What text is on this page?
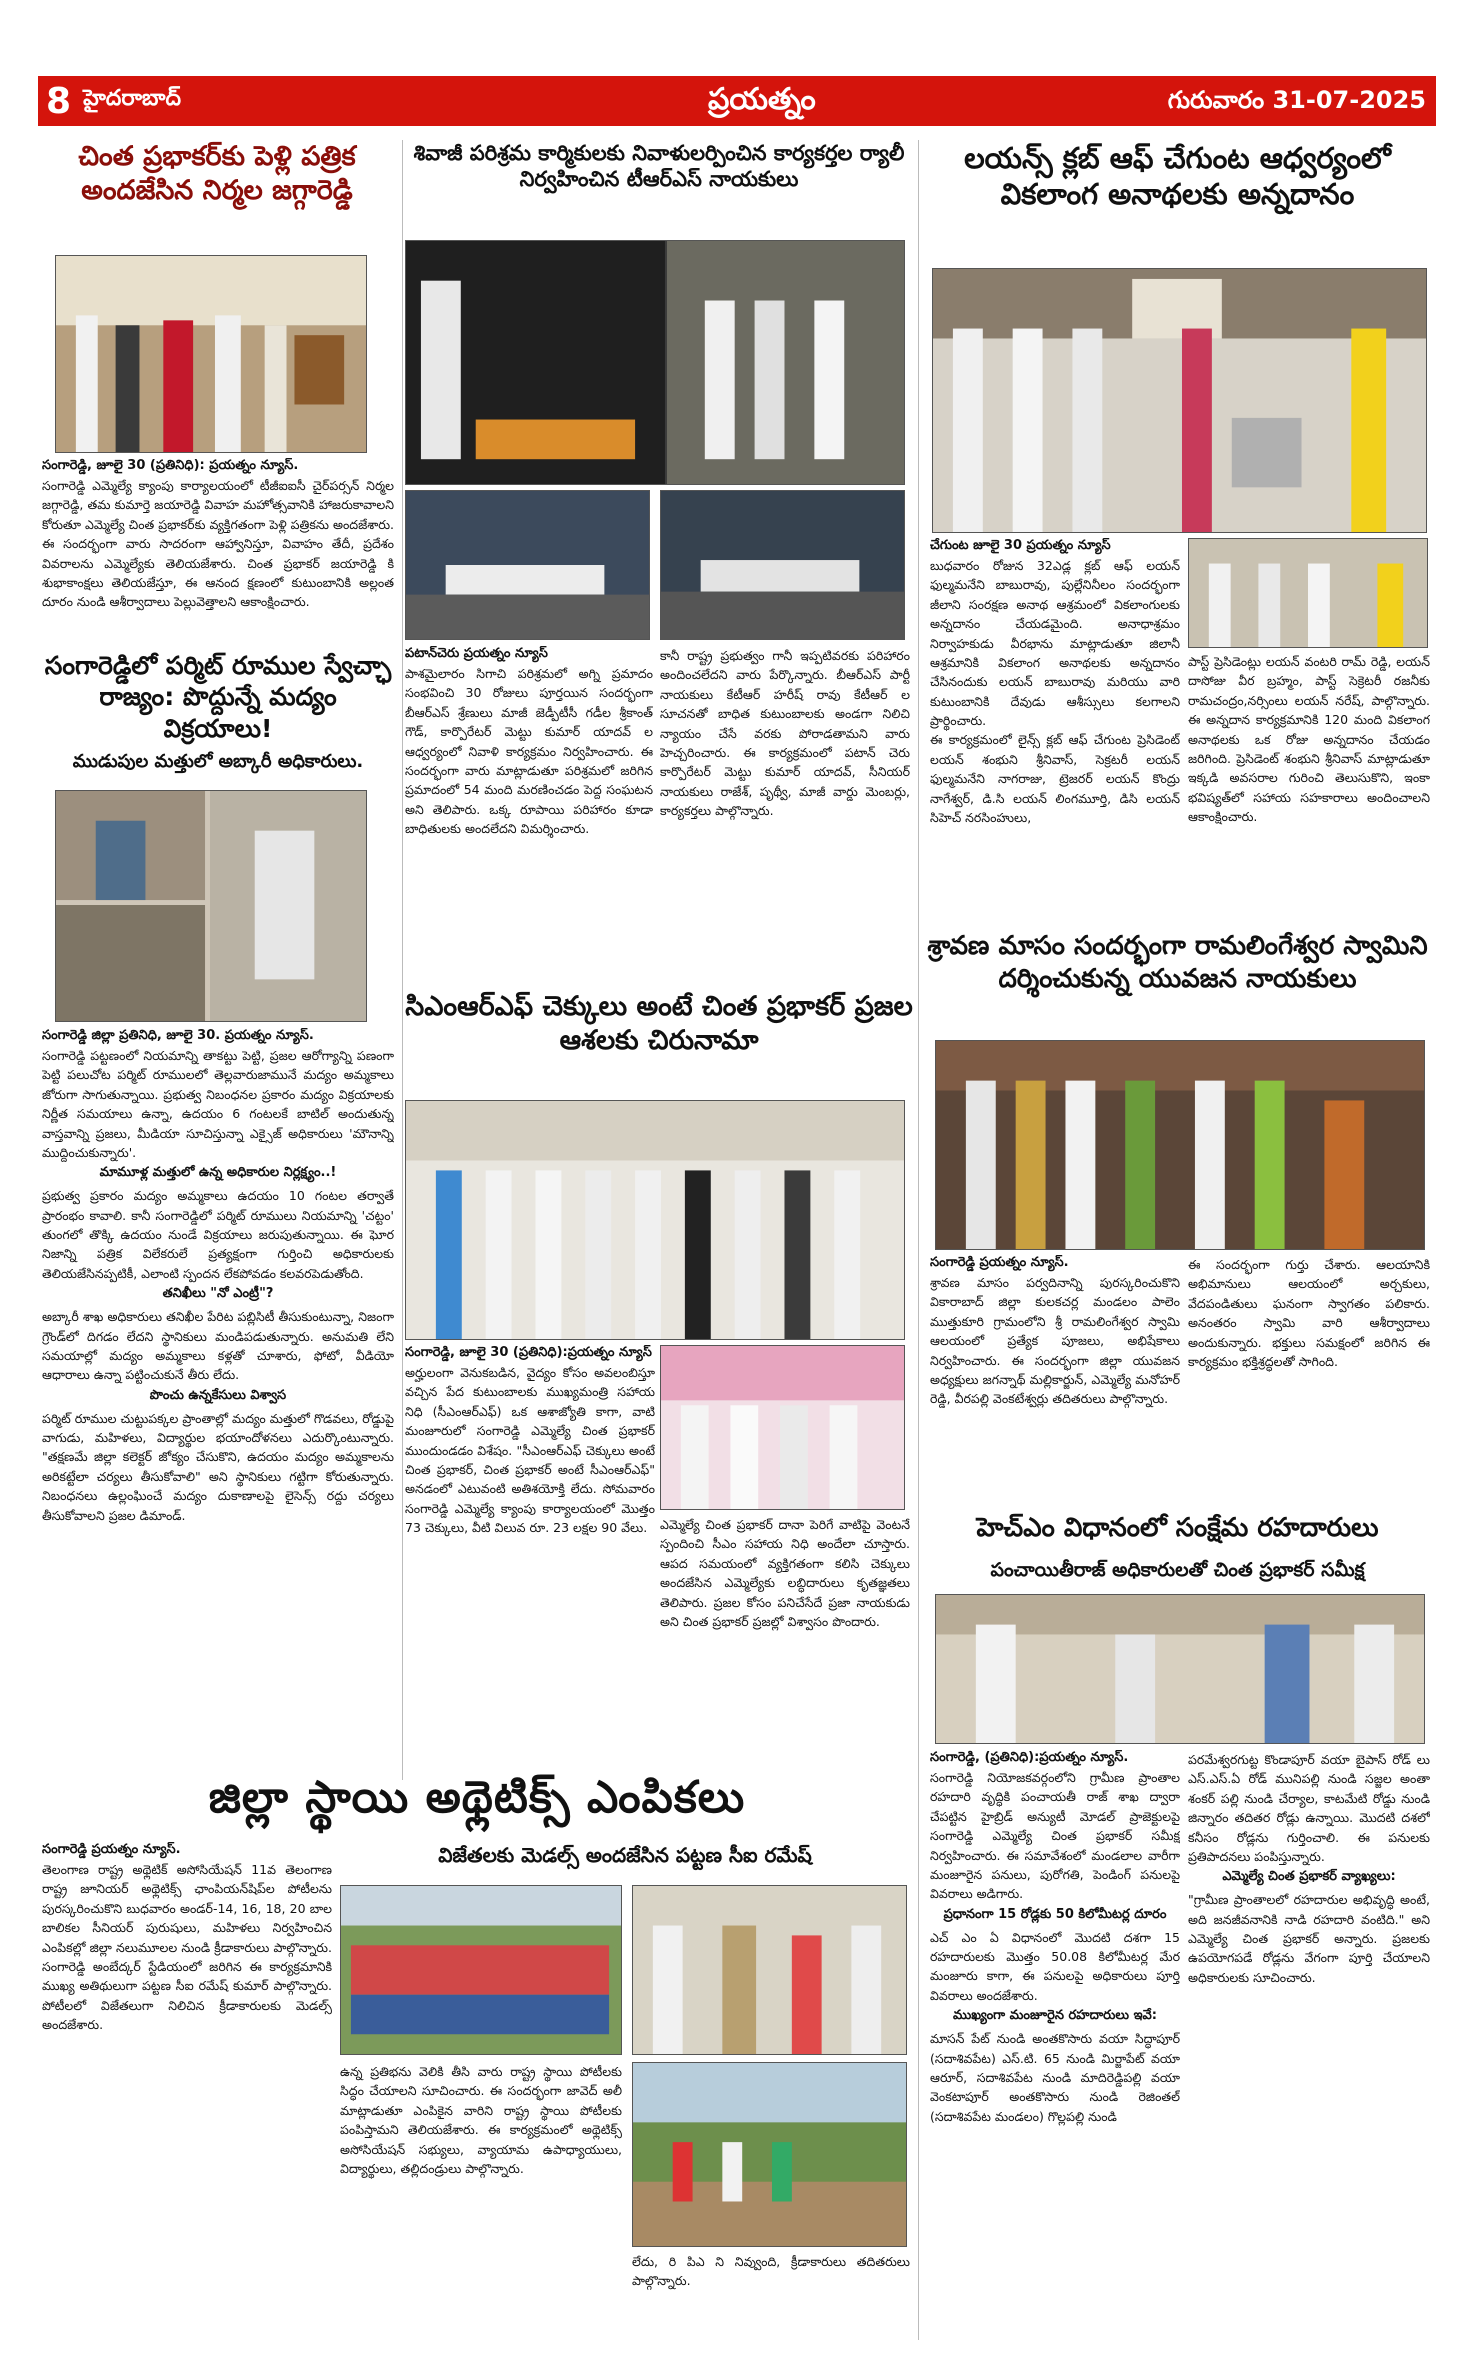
8 హైదరాబాద్	ప్రయత్నం	గురువారం 31-07-2025
చింత ప్రభాకర్‌కు పెళ్లి పత్రిక అందజేసిన నిర్మల జగ్గారెడ్డి
సంగారెడ్డి, జూలై 30 (ప్రతినిధి): ప్రయత్నం న్యూస్.
సంగారెడ్డి ఎమ్మెల్యే క్యాంపు కార్యాలయంలో టీజీఐఐసీ చైర్‌పర్సన్ నిర్మల జగ్గారెడ్డి, తమ కుమార్తె జయారెడ్డి వివాహ మహోత్సవానికి హాజరుకావాలని కోరుతూ ఎమ్మెల్యే చింత ప్రభాకర్‌కు వ్యక్తిగతంగా పెళ్లి పత్రికను అందజేశారు. ఈ సందర్భంగా వారు సాదరంగా ఆహ్వానిస్తూ, వివాహం తేదీ, ప్రదేశం వివరాలను ఎమ్మెల్యేకు తెలియజేశారు. చింత ప్రభాకర్ జయారెడ్డి కి శుభాకాంక్షలు తెలియజేస్తూ, ఈ ఆనంద క్షణంలో కుటుంబానికి అల్లంత దూరం నుండి ఆశీర్వాదాలు పెల్లువెత్తాలని ఆకాంక్షించారు.
సంగారెడ్డిలో పర్మిట్ రూముల స్వేచ్ఛా రాజ్యం: పొద్దున్నే మద్యం విక్రయాలు!
ముడుపుల మత్తులో అబ్కారీ అధికారులు.
సంగారెడ్డి జిల్లా ప్రతినిధి, జూలై 30. ప్రయత్నం న్యూస్.
సంగారెడ్డి పట్టణంలో నియమాన్ని తాకట్టు పెట్టి, ప్రజల ఆరోగ్యాన్ని పణంగా పెట్టి పలుచోట పర్మిట్ రూములలో తెల్లవారుజామునే మద్యం అమ్మకాలు జోరుగా సాగుతున్నాయి. ప్రభుత్వ నిబంధనల ప్రకారం మద్యం విక్రయాలకు నిర్ణీత సమయాలు ఉన్నా, ఉదయం 6 గంటలకే బాటిల్ అందుతున్న వాస్తవాన్ని ప్రజలు, మీడియా సూచిస్తున్నా ఎక్సైజ్ అధికారులు 'మౌనాన్ని ముద్దించుకున్నారు'.
మామూళ్ల మత్తులో ఉన్న అధికారుల నిర్లక్ష్యం..!
ప్రభుత్వ ప్రకారం మద్యం అమ్మకాలు ఉదయం 10 గంటల తర్వాతే ప్రారంభం కావాలి. కానీ సంగారెడ్డిలో పర్మిట్ రూములు నియమాన్ని 'చట్టం' తుంగలో తొక్కి ఉదయం నుండే విక్రయాలు జరుపుతున్నాయి. ఈ ఘోర నిజాన్ని పత్రిక విలేకరులే ప్రత్యక్షంగా గుర్తించి అధికారులకు తెలియజేసినప్పటికీ, ఎలాంటి స్పందన లేకపోవడం కలవరపెడుతోంది.
తనిఖీలు "నో ఎంట్రీ"?
అబ్కారీ శాఖ అధికారులు తనిఖీల పేరిట పబ్లిసిటీ తీసుకుంటున్నా, నిజంగా గ్రౌండ్‌లో దిగడం లేదని స్థానికులు మండిపడుతున్నారు. అనుమతి లేని సమయాల్లో మద్యం అమ్మకాలు కళ్లతో చూశారు, ఫోటో, వీడియో ఆధారాలు ఉన్నా పట్టించుకునే తీరు లేదు.
పొంచు ఉన్నకేసులు విశ్వాస
పర్మిట్ రూముల చుట్టుపక్కల ప్రాంతాల్లో మద్యం మత్తులో గొడవలు, రోడ్డుపై వాగుడు, మహిళలు, విద్యార్థుల భయాందోళనలు ఎదుర్కొంటున్నారు. "తక్షణమే జిల్లా కలెక్టర్ జోక్యం చేసుకొని, ఉదయం మద్యం అమ్మకాలను అరికట్టేలా చర్యలు తీసుకోవాలి" అని స్థానికులు గట్టిగా కోరుతున్నారు. నిబంధనలు ఉల్లంఘించే మద్యం దుకాణాలపై లైసెన్స్ రద్దు చర్యలు తీసుకోవాలని ప్రజల డిమాండ్.
శివాజీ పరిశ్రమ కార్మికులకు నివాళులర్పించిన కార్యకర్తల ర్యాలీ నిర్వహించిన టీఆర్ఎస్ నాయకులు
పటాన్‌చెరు ప్రయత్నం న్యూస్
పాశమైలారం సిగాచి పరిశ్రమలో అగ్ని ప్రమాదం సంభవించి 30 రోజులు పూర్తయిన సందర్భంగా బీఆర్ఎస్ శ్రేణులు మాజీ జెడ్పీటీసీ గడీల శ్రీకాంత్ గౌడ్, కార్పొరేటర్ మెట్టు కుమార్ యాదవ్ ల ఆధ్వర్యంలో నివాళి కార్యక్రమం నిర్వహించారు. ఈ సందర్భంగా వారు మాట్లాడుతూ పరిశ్రమలో జరిగిన ప్రమాదంలో 54 మంది మరణించడం పెద్ద సంఘటన అని తెలిపారు. ఒక్క రూపాయి పరిహారం కూడా బాధితులకు అందలేదని విమర్శించారు.
కానీ రాష్ట్ర ప్రభుత్వం గానీ ఇప్పటివరకు పరిహారం అందించలేదని వారు పేర్కొన్నారు. బీఆర్ఎస్ పార్టీ నాయకులు కేటీఆర్ హరీష్ రావు కేటీఆర్ ల సూచనతో బాధిత కుటుంబాలకు అండగా నిలిచి న్యాయం చేసే వరకు పోరాడతామని వారు హెచ్చరించారు. ఈ కార్యక్రమంలో పటాన్ చెరు కార్పొరేటర్ మెట్టు కుమార్ యాదవ్, సీనియర్ నాయకులు రాజేశ్, పృథ్వీ, మాజీ వార్డు మెంబర్లు, కార్యకర్తలు పాల్గొన్నారు.
సిఎంఆర్ఎఫ్ చెక్కులు అంటే చింత ప్రభాకర్ ప్రజల ఆశలకు చిరునామా
సంగారెడ్డి, జూలై 30 (ప్రతినిధి):ప్రయత్నం న్యూస్
అర్హులంగా వెనుకబడిన, వైద్యం కోసం అవలంబిస్తూ వచ్చిన పేద కుటుంబాలకు ముఖ్యమంత్రి సహాయ నిధి (సీఎంఆర్ఎఫ్) ఒక ఆశాజ్యోతి కాగా, వాటి మంజూరులో సంగారెడ్డి ఎమ్మెల్యే చింత ప్రభాకర్ ముందుండడం విశేషం. "సీఎంఆర్ఎఫ్ చెక్కులు అంటే చింత ప్రభాకర్, చింత ప్రభాకర్ అంటే సీఎంఆర్ఎఫ్" అనడంలో ఎటువంటి అతిశయోక్తి లేదు. సోమవారం సంగారెడ్డి ఎమ్మెల్యే క్యాంపు కార్యాలయంలో మొత్తం 73 చెక్కులు, వీటి విలువ రూ. 23 లక్షల 90 వేలు.	ఎమ్మెల్యే చింత ప్రభాకర్ దానా పెరిగే వాటిపై వెంటనే స్పందించి సీఎం సహాయ నిధి అందేలా చూస్తారు. ఆపద సమయంలో వ్యక్తిగతంగా కలిసి చెక్కులు అందజేసిన ఎమ్మెల్యేకు లబ్ధిదారులు కృతజ్ఞతలు తెలిపారు. ప్రజల కోసం పనిచేసేదే ప్రజా నాయకుడు అని చింత ప్రభాకర్ ప్రజల్లో విశ్వాసం పొందారు.
లయన్స్ క్లబ్ ఆఫ్ చేగుంట ఆధ్వర్యంలో వికలాంగ అనాథలకు అన్నదానం
చేగుంట జూలై 30 ప్రయత్నం న్యూస్
బుధవారం రోజున 32ఎడ్ల క్లబ్ ఆఫ్ లయన్ ఫుల్మమనేని బాబురావు, పుల్లేనినీలం సందర్భంగా జీలాని సంరక్షణ అనాథ ఆశ్రమంలో వికలాంగులకు అన్నదానం చేయడమైంది. అనాధాశ్రమం నిర్వాహకుడు వీరభాను మాట్లాడుతూ జిలానీ ఆశ్రమానికి వికలాంగ అనాథలకు అన్నదానం చేసినందుకు లయన్ బాబురావు మరియు వారి కుటుంబానికి దేవుడు ఆశీస్సులు కలగాలని ప్రార్థించారు.
ఈ కార్యక్రమంలో లైన్స్ క్లబ్ ఆఫ్ చేగుంట ప్రెసిడెంట్ లయన్ శంభుని శ్రీనివాస్, సెక్రటరీ లయన్ ఫుల్మమనేని నాగరాజు, ట్రెజరర్ లయన్ కొంద్రు నాగేశ్వర్, డి.సి లయన్ లింగమూర్తి, డిసి లయన్ సిహెచ్ నరసింహులు,
పాస్ట్ ప్రెసిడెంట్లు లయన్ వంటరి రామ్ రెడ్డి, లయన్ దాసోజు వీర బ్రహ్మం, పాస్ట్ సెక్రెటరీ రజనీకు రామచంద్రం,నర్సింలు లయన్ నరేష్, పాల్గొన్నారు. ఈ అన్నదాన కార్యక్రమానికి 120 మంది వికలాంగ అనాథలకు ఒక రోజు అన్నదానం చేయడం జరిగింది. ప్రెసిడెంట్ శంభుని శ్రీనివాస్ మాట్లాడుతూ ఇక్కడి అవసరాల గురించి తెలుసుకొని, ఇంకా భవిష్యత్‌లో సహాయ సహకారాలు అందించాలని ఆకాంక్షించారు.
శ్రావణ మాసం సందర్భంగా రామలింగేశ్వర స్వామిని దర్శించుకున్న యువజన నాయకులు
సంగారెడ్డి ప్రయత్నం న్యూస్.
శ్రావణ మాసం పర్వదినాన్ని పురస్కరించుకొని వికారాబాద్ జిల్లా కులకచర్ల మండలం పాలెం ముత్తుకూరి గ్రామంలోని శ్రీ రామలింగేశ్వర స్వామి ఆలయంలో ప్రత్యేక పూజలు, అభిషేకాలు నిర్వహించారు. ఈ సందర్భంగా జిల్లా యువజన అధ్యక్షులు జగన్నాథ్ మల్లికార్జున్, ఎమ్మెల్యే మనోహర్ రెడ్డి, వీరపల్లి వెంకటేశ్వర్లు తదితరులు పాల్గొన్నారు.
ఈ సందర్భంగా గుర్తు చేశారు. ఆలయానికి అభిమానులు ఆలయంలో అర్చకులు, వేదపండితులు ఘనంగా స్వాగతం పలికారు. అనంతరం స్వామి వారి ఆశీర్వాదాలు అందుకున్నారు. భక్తులు సమక్షంలో జరిగిన ఈ కార్యక్రమం భక్తిశ్రద్ధలతో సాగింది.
హెచ్ఎం విధానంలో సంక్షేమ రహదారులు
పంచాయితీరాజ్ అధికారులతో చింత ప్రభాకర్ సమీక్ష
సంగారెడ్డి, (ప్రతినిధి):ప్రయత్నం న్యూస్.
సంగారెడ్డి నియోజకవర్గంలోని గ్రామీణ ప్రాంతాల రహదారి వృద్ధికి పంచాయతీ రాజ్ శాఖ ద్వారా చేపట్టిన హైబ్రిడ్ అన్యుటీ మోడల్ ప్రాజెక్టులపై సంగారెడ్డి ఎమ్మెల్యే చింత ప్రభాకర్ సమీక్ష నిర్వహించారు. ఈ సమావేశంలో మండలాల వారీగా మంజూరైన పనులు, పురోగతి, పెండింగ్ పనులపై వివరాలు అడిగారు.
ప్రధానంగా 15 రోడ్లకు 50 కిలోమీటర్ల దూరం
ఎచ్ ఎం ఏ విధానంలో మొదటి దశగా 15 రహదారులకు మొత్తం 50.08 కిలోమీటర్ల మేర మంజూరు కాగా, ఈ పనులపై అధికారులు పూర్తి వివరాలు అందజేశారు.
ముఖ్యంగా మంజూరైన రహదారులు ఇవే:
మాసన్ పేట్ నుండి అంతకొసారు వయా సిద్ధాపూర్ (సదాశివపేట) ఎస్.టి. 65 నుండి మిర్జాపేట్ వయా ఆరూర్, సదాశివపేట నుండి మాదిరెడ్డిపల్లి వయా వెంకటాపూర్ అంతకొసారు నుండి రెజింతల్ (సదాశివపేట మండలం) గొల్లపల్లి నుండి
పరమేశ్వరగుట్ట కొండాపూర్ వయా బైపాస్ రోడ్ లు ఎస్.ఎస్.ఏ రోడ్ మునిపల్లి నుండి సజ్జల అంతా శంకర్ పల్లి నుండి చేర్యాల, కాటమేటి రోడ్డు నుండి జిన్నారం తదితర రోడ్లు ఉన్నాయి. మొదటి దశలో కనీసం రోడ్లను గుర్తించాలి. ఈ పనులకు ప్రతిపాదనలు పంపిస్తున్నారు.
ఎమ్మెల్యే చింత ప్రభాకర్ వ్యాఖ్యలు:
"గ్రామీణ ప్రాంతాలలో రహదారుల అభివృద్ధి అంటే, అది జనజీవనానికి నాడి రహదారి వంటిది." అని ఎమ్మెల్యే చింత ప్రభాకర్ అన్నారు. ప్రజలకు ఉపయోగపడే రోడ్లను వేగంగా పూర్తి చేయాలని అధికారులకు సూచించారు.
జిల్లా స్థాయి అథ్లెటిక్స్ ఎంపికలు
సంగారెడ్డి ప్రయత్నం న్యూస్.
తెలంగాణ రాష్ట్ర అథ్లెటిక్ అసోసియేషన్ 11వ తెలంగాణ రాష్ట్ర జూనియర్ అథ్లెటిక్స్ ఛాంపియన్‌షిప్‌ల పోటీలను పురస్కరించుకొని బుధవారం అండర్-14, 16, 18, 20 బాల బాలికల సీనియర్ పురుషులు, మహిళలు నిర్వహించిన ఎంపికల్లో జిల్లా నలుమూలల నుండి క్రీడాకారులు పాల్గొన్నారు. సంగారెడ్డి అంబేద్కర్ స్టేడియంలో జరిగిన ఈ కార్యక్రమానికి ముఖ్య అతిథులుగా పట్టణ సీఐ రమేష్ కుమార్ పాల్గొన్నారు. పోటీలలో విజేతలుగా నిలిచిన క్రీడాకారులకు మెడల్స్ అందజేశారు.
విజేతలకు మెడల్స్ అందజేసిన పట్టణ సీఐ రమేష్
ఉన్న ప్రతిభను వెలికి తీసి వారు రాష్ట్ర స్థాయి పోటీలకు సిద్ధం చేయాలని సూచించారు. ఈ సందర్భంగా జావెద్ అలీ మాట్లాడుతూ ఎంపికైన వారిని రాష్ట్ర స్థాయి పోటీలకు పంపిస్తామని తెలియజేశారు. ఈ కార్యక్రమంలో అథ్లెటిక్స్ అసోసియేషన్ సభ్యులు, వ్యాయామ ఉపాధ్యాయులు, విద్యార్థులు, తల్లిదండ్రులు పాల్గొన్నారు.
లేదు, రి పిఎ ని నివ్వుంది, క్రీడాకారులు తదితరులు పాల్గొన్నారు.
